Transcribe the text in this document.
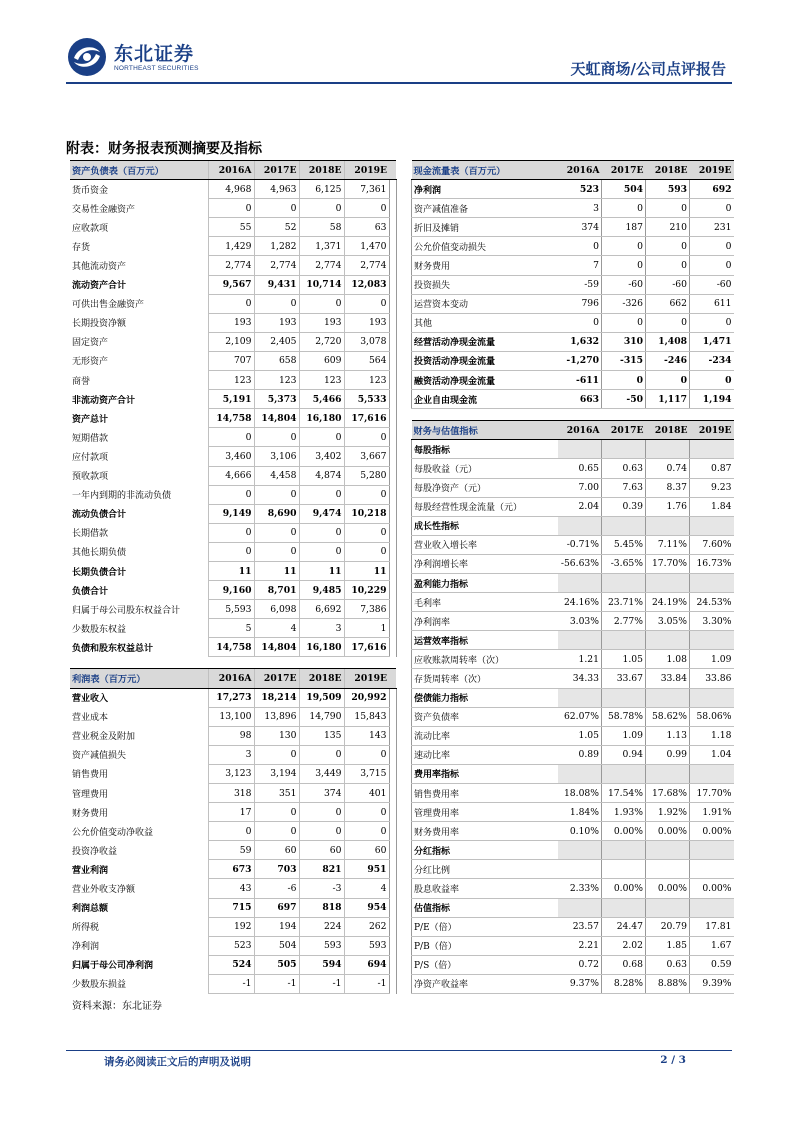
东北证券
NORTHEAST SECURITIES	天虹商场/公司点评报告
附表：财务报表预测摘要及指标
资产负债表（百万元）	2016A	2017E	2018E	2019E	
货币资金	4,968	4,963	6,125	7,361	
交易性金融资产	0	0	0	0	
应收款项	55	52	58	63	
存货	1,429	1,282	1,371	1,470	
其他流动资产	2,774	2,774	2,774	2,774	
流动资产合计	9,567	9,431	10,714	12,083	
可供出售金融资产	0	0	0	0	
长期投资净额	193	193	193	193	
固定资产	2,109	2,405	2,720	3,078	
无形资产	707	658	609	564	
商誉	123	123	123	123	
非流动资产合计	5,191	5,373	5,466	5,533	
资产总计	14,758	14,804	16,180	17,616	
短期借款	0	0	0	0	
应付款项	3,460	3,106	3,402	3,667	
预收款项	4,666	4,458	4,874	5,280	
一年内到期的非流动负债	0	0	0	0	
流动负债合计	9,149	8,690	9,474	10,218	
长期借款	0	0	0	0	
其他长期负债	0	0	0	0	
长期负债合计	11	11	11	11	
负债合计	9,160	8,701	9,485	10,229	
归属于母公司股东权益合计	5,593	6,098	6,692	7,386	
少数股东权益	5	4	3	1	
负债和股东权益总计	14,758	14,804	16,180	17,616	

利润表（百万元）	2016A	2017E	2018E	2019E	
营业收入	17,273	18,214	19,509	20,992	
营业成本	13,100	13,896	14,790	15,843	
营业税金及附加	98	130	135	143	
资产减值损失	3	0	0	0	
销售费用	3,123	3,194	3,449	3,715	
管理费用	318	351	374	401	
财务费用	17	0	0	0	
公允价值变动净收益	0	0	0	0	
投资净收益	59	60	60	60	
营业利润	673	703	821	951	
营业外收支净额	43	-6	-3	4	
利润总额	715	697	818	954	
所得税	192	194	224	262	
净利润	523	504	593	593	
归属于母公司净利润	524	505	594	694	
少数股东损益	-1	-1	-1	-1	
现金流量表（百万元）	2016A	2017E	2018E	2019E
净利润	523	504	593	692
资产减值准备	3	0	0	0
折旧及摊销	374	187	210	231
公允价值变动损失	0	0	0	0
财务费用	7	0	0	0
投资损失	-59	-60	-60	-60
运营资本变动	796	-326	662	611
其他	0	0	0	0
经营活动净现金流量	1,632	310	1,408	1,471
投资活动净现金流量	-1,270	-315	-246	-234
融资活动净现金流量	-611	0	0	0
企业自由现金流	663	-50	1,117	1,194

财务与估值指标	2016A	2017E	2018E	2019E
每股指标				
每股收益（元）	0.65	0.63	0.74	0.87
每股净资产（元）	7.00	7.63	8.37	9.23
每股经营性现金流量（元）	2.04	0.39	1.76	1.84
成长性指标				
营业收入增长率	-0.71%	5.45%	7.11%	7.60%
净利润增长率	-56.63%	-3.65%	17.70%	16.73%
盈利能力指标				
毛利率	24.16%	23.71%	24.19%	24.53%
净利润率	3.03%	2.77%	3.05%	3.30%
运营效率指标				
应收账款周转率（次）	1.21	1.05	1.08	1.09
存货周转率（次）	34.33	33.67	33.84	33.86
偿债能力指标				
资产负债率	62.07%	58.78%	58.62%	58.06%
流动比率	1.05	1.09	1.13	1.18
速动比率	0.89	0.94	0.99	1.04
费用率指标				
销售费用率	18.08%	17.54%	17.68%	17.70%
管理费用率	1.84%	1.93%	1.92%	1.91%
财务费用率	0.10%	0.00%	0.00%	0.00%
分红指标				
分红比例				
股息收益率	2.33%	0.00%	0.00%	0.00%
估值指标				
P/E（倍）	23.57	24.47	20.79	17.81
P/B（倍）	2.21	2.02	1.85	1.67
P/S（倍）	0.72	0.68	0.63	0.59
净资产收益率	9.37%	8.28%	8.88%	9.39%
资料来源：东北证券
请务必阅读正文后的声明及说明	2 / 3
